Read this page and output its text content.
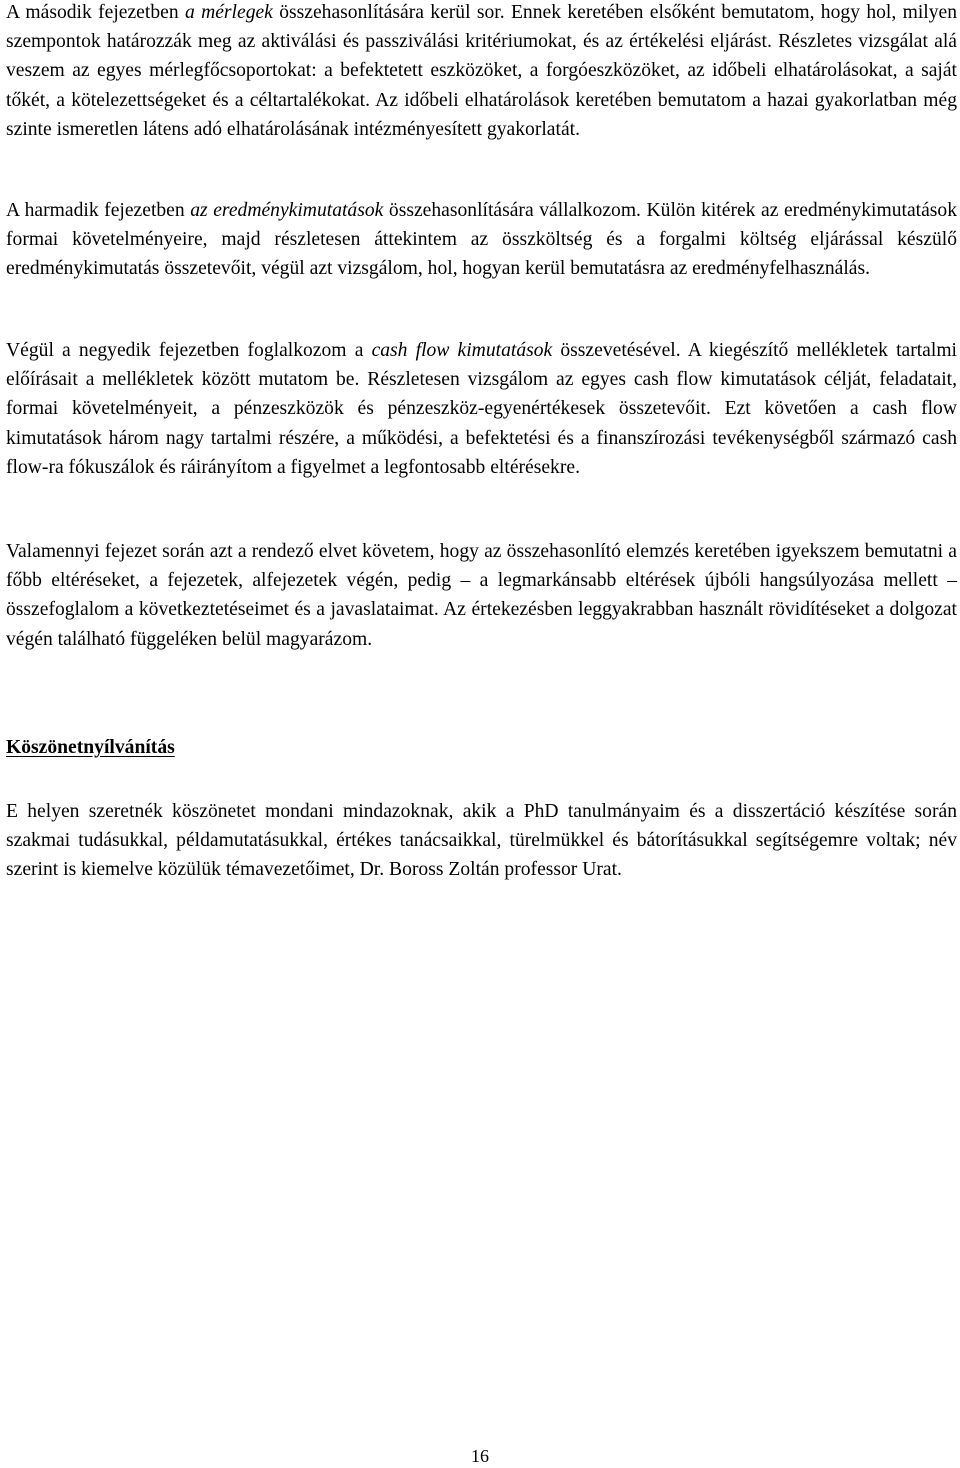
A második fejezetben a mérlegek összehasonlítására kerül sor. Ennek keretében elsőként bemutatom, hogy hol, milyen szempontok határozzák meg az aktiválási és passziválási kritériumokat, és az értékelési eljárást. Részletes vizsgálat alá veszem az egyes mérlegfőcsoportokat: a befektetett eszközöket, a forgóeszközöket, az időbeli elhatárolásokat, a saját tőkét, a kötelezettségeket és a céltartalékokat. Az időbeli elhatárolások keretében bemutatom a hazai gyakorlatban még szinte ismeretlen látens adó elhatárolásának intézményesített gyakorlatát.

A harmadik fejezetben az eredménykimutatások összehasonlítására vállalkozom. Külön kitérek az eredménykimutatások formai követelményeire, majd részletesen áttekintem az összköltség és a forgalmi költség eljárással készülő eredménykimutatás összetevőit, végül azt vizsgálom, hol, hogyan kerül bemutatásra az eredményfelhasználás.

Végül a negyedik fejezetben foglalkozom a cash flow kimutatások összevetésével. A kiegészítő mellékletek tartalmi előírásait a mellékletek között mutatom be. Részletesen vizsgálom az egyes cash flow kimutatások célját, feladatait, formai követelményeit, a pénzeszközök és pénzeszköz-egyenértékesek összetevőit. Ezt követően a cash flow kimutatások három nagy tartalmi részére, a működési, a befektetési és a finanszírozási tevékenységből származó cash flow-ra fókuszálok és ráirányítom a figyelmet a legfontosabb eltérésekre.

Valamennyi fejezet során azt a rendező elvet követem, hogy az összehasonlító elemzés keretében igyekszem bemutatni a főbb eltéréseket, a fejezetek, alfejezetek végén, pedig – a legmarkánsabb eltérések újbóli hangsúlyozása mellett – összefoglalom a következtetéseimet és a javaslataimat. Az értekezésben leggyakrabban használt rövidítéseket a dolgozat végén található függeléken belül magyarázom.

Köszönetnyílvánítás

E helyen szeretnék köszönetet mondani mindazoknak, akik a PhD tanulmányaim és a disszertáció készítése során szakmai tudásukkal, példamutatásukkal, értékes tanácsaikkal, türelmükkel és bátorításukkal segítségemre voltak; név szerint is kiemelve közülük témavezetőimet, Dr. Boross Zoltán professor Urat.

16
